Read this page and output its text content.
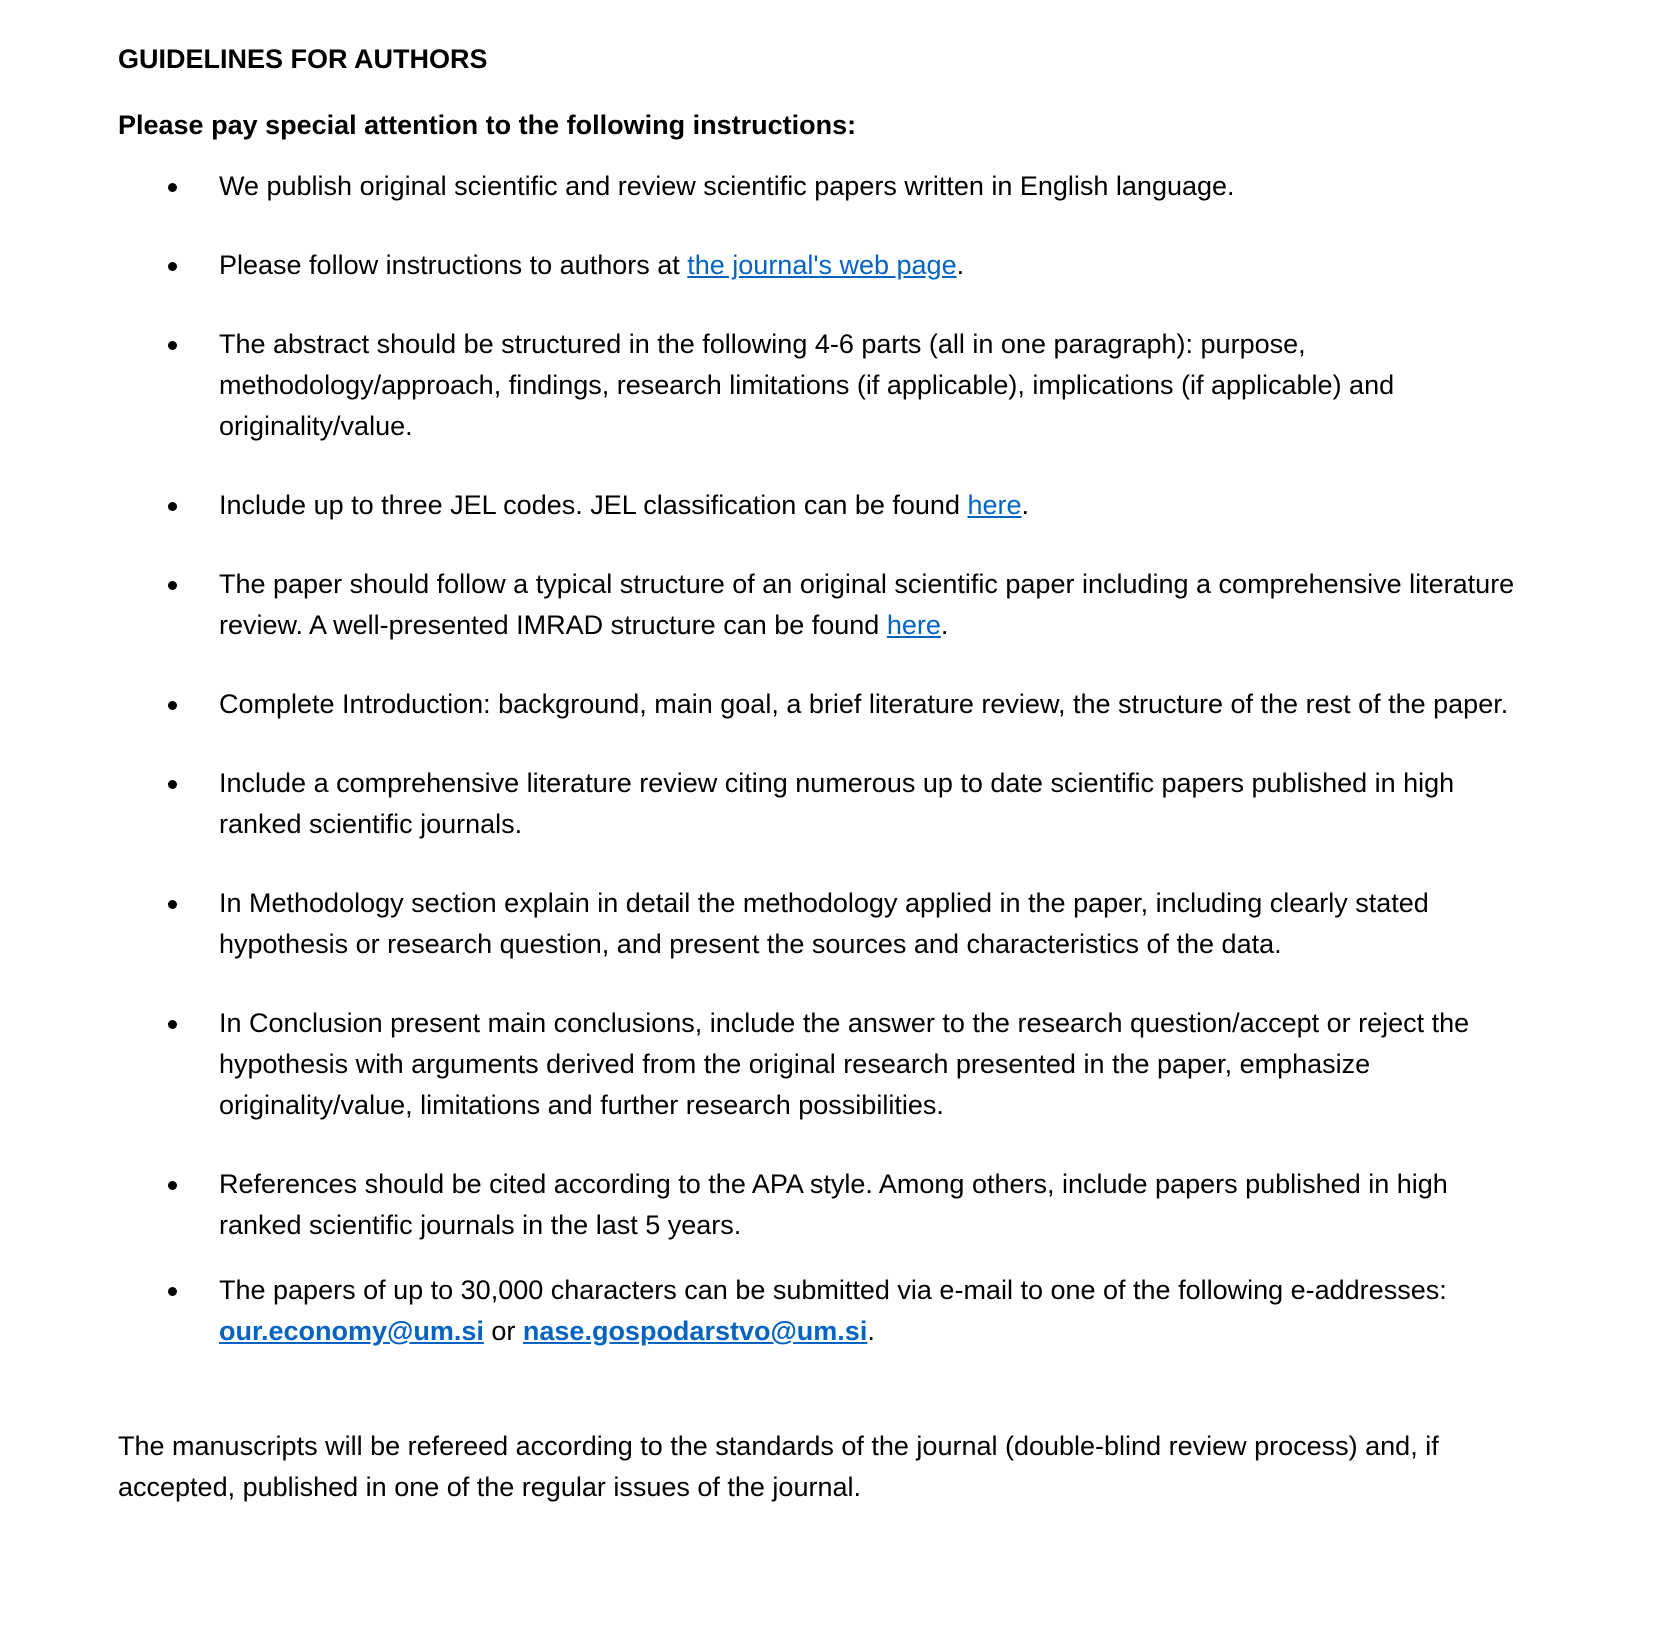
GUIDELINES FOR AUTHORS
Please pay special attention to the following instructions:
We publish original scientific and review scientific papers written in English language.
Please follow instructions to authors at the journal's web page.
The abstract should be structured in the following 4-6 parts (all in one paragraph): purpose, methodology/approach, findings, research limitations (if applicable), implications (if applicable) and originality/value.
Include up to three JEL codes. JEL classification can be found here.
The paper should follow a typical structure of an original scientific paper including a comprehensive literature review. A well-presented IMRAD structure can be found here.
Complete Introduction: background, main goal, a brief literature review, the structure of the rest of the paper.
Include a comprehensive literature review citing numerous up to date scientific papers published in high ranked scientific journals.
In Methodology section explain in detail the methodology applied in the paper, including clearly stated hypothesis or research question, and present the sources and characteristics of the data.
In Conclusion present main conclusions, include the answer to the research question/accept or reject the hypothesis with arguments derived from the original research presented in the paper, emphasize originality/value, limitations and further research possibilities.
References should be cited according to the APA style. Among others, include papers published in high ranked scientific journals in the last 5 years.
The papers of up to 30,000 characters can be submitted via e-mail to one of the following e-addresses: our.economy@um.si or nase.gospodarstvo@um.si.
The manuscripts will be refereed according to the standards of the journal (double-blind review process) and, if accepted, published in one of the regular issues of the journal.
